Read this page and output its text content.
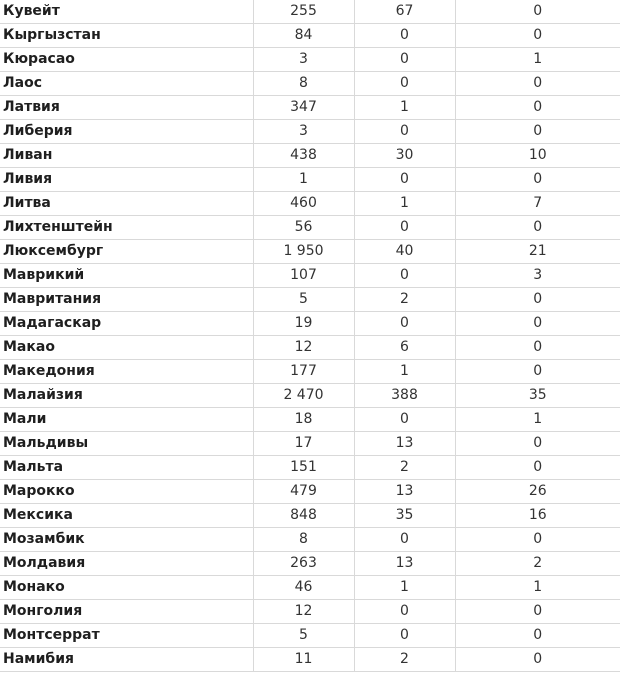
Кувейт	255	67	0
Кыргызстан	84	0	0
Кюрасао	3	0	1
Лаос	8	0	0
Латвия	347	1	0
Либерия	3	0	0
Ливан	438	30	10
Ливия	1	0	0
Литва	460	1	7
Лихтенштейн	56	0	0
Люксембург	1 950	40	21
Маврикий	107	0	3
Мавритания	5	2	0
Мадагаскар	19	0	0
Макао	12	6	0
Македония	177	1	0
Малайзия	2 470	388	35
Мали	18	0	1
Мальдивы	17	13	0
Мальта	151	2	0
Марокко	479	13	26
Мексика	848	35	16
Мозамбик	8	0	0
Молдавия	263	13	2
Монако	46	1	1
Монголия	12	0	0
Монтсеррат	5	0	0
Намибия	11	2	0
